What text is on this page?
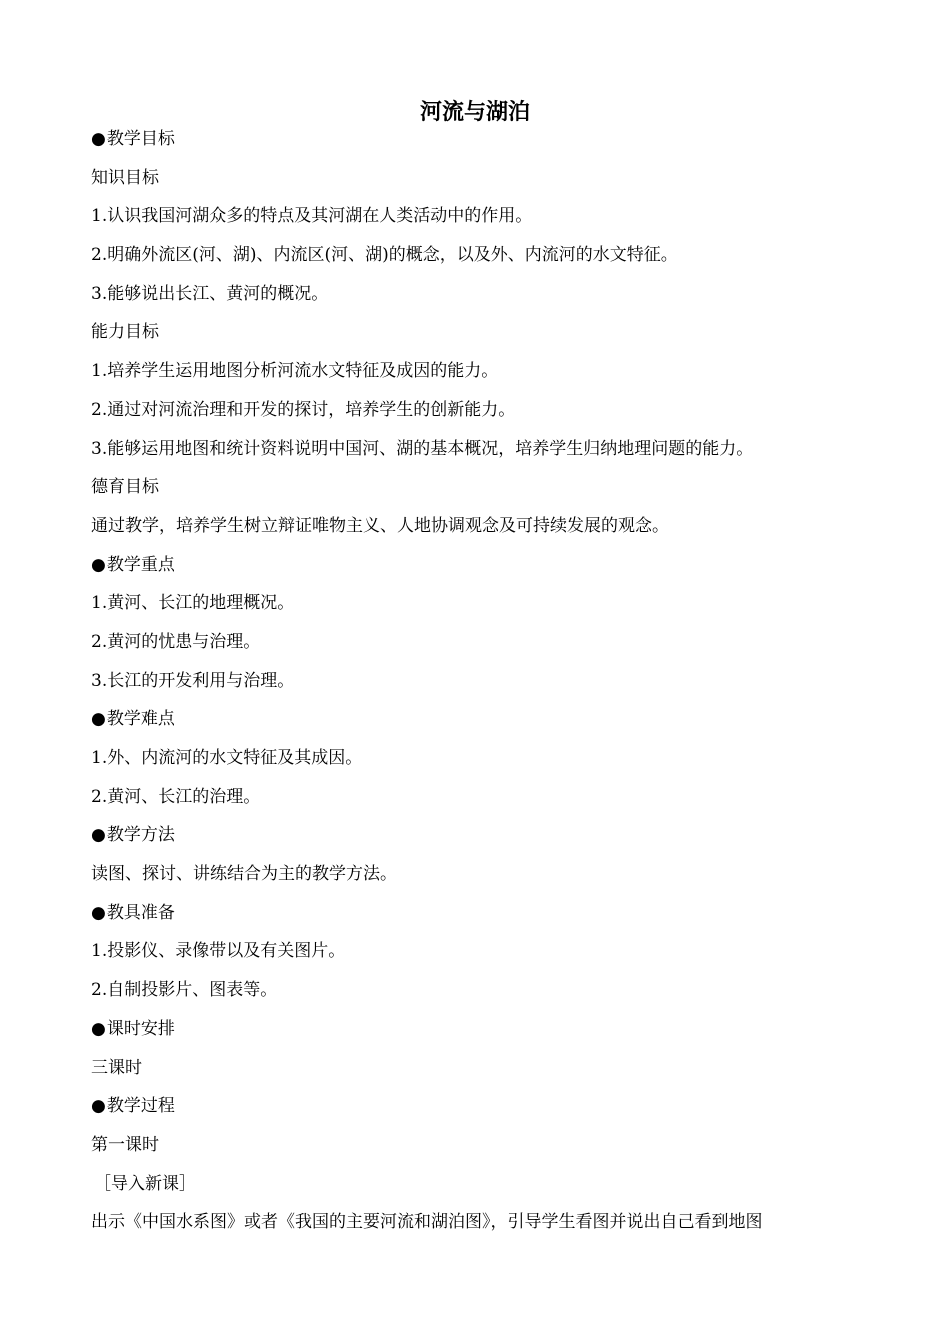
河流与湖泊
● 教学目标
知识目标
1.认识我国河湖众多的特点及其河湖在人类活动中的作用。
2.明确外流区(河、湖)、内流区(河、湖)的概念，以及外、内流河的水文特征。
3.能够说出长江、黄河的概况。
能力目标
1.培养学生运用地图分析河流水文特征及成因的能力。
2.通过对河流治理和开发的探讨，培养学生的创新能力。
3.能够运用地图和统计资料说明中国河、湖的基本概况，培养学生归纳地理问题的能力。
德育目标
通过教学，培养学生树立辩证唯物主义、人地协调观念及可持续发展的观念。
● 教学重点
1.黄河、长江的地理概况。
2.黄河的忧患与治理。
3.长江的开发利用与治理。
● 教学难点
1.外、内流河的水文特征及其成因。
2.黄河、长江的治理。
● 教学方法
读图、探讨、讲练结合为主的教学方法。
● 教具准备
1.投影仪、录像带以及有关图片。
2.自制投影片、图表等。
● 课时安排
三课时
● 教学过程
第一课时
［导入新课］
出示《中国水系图》或者《我国的主要河流和湖泊图》，引导学生看图并说出自己看到地图
